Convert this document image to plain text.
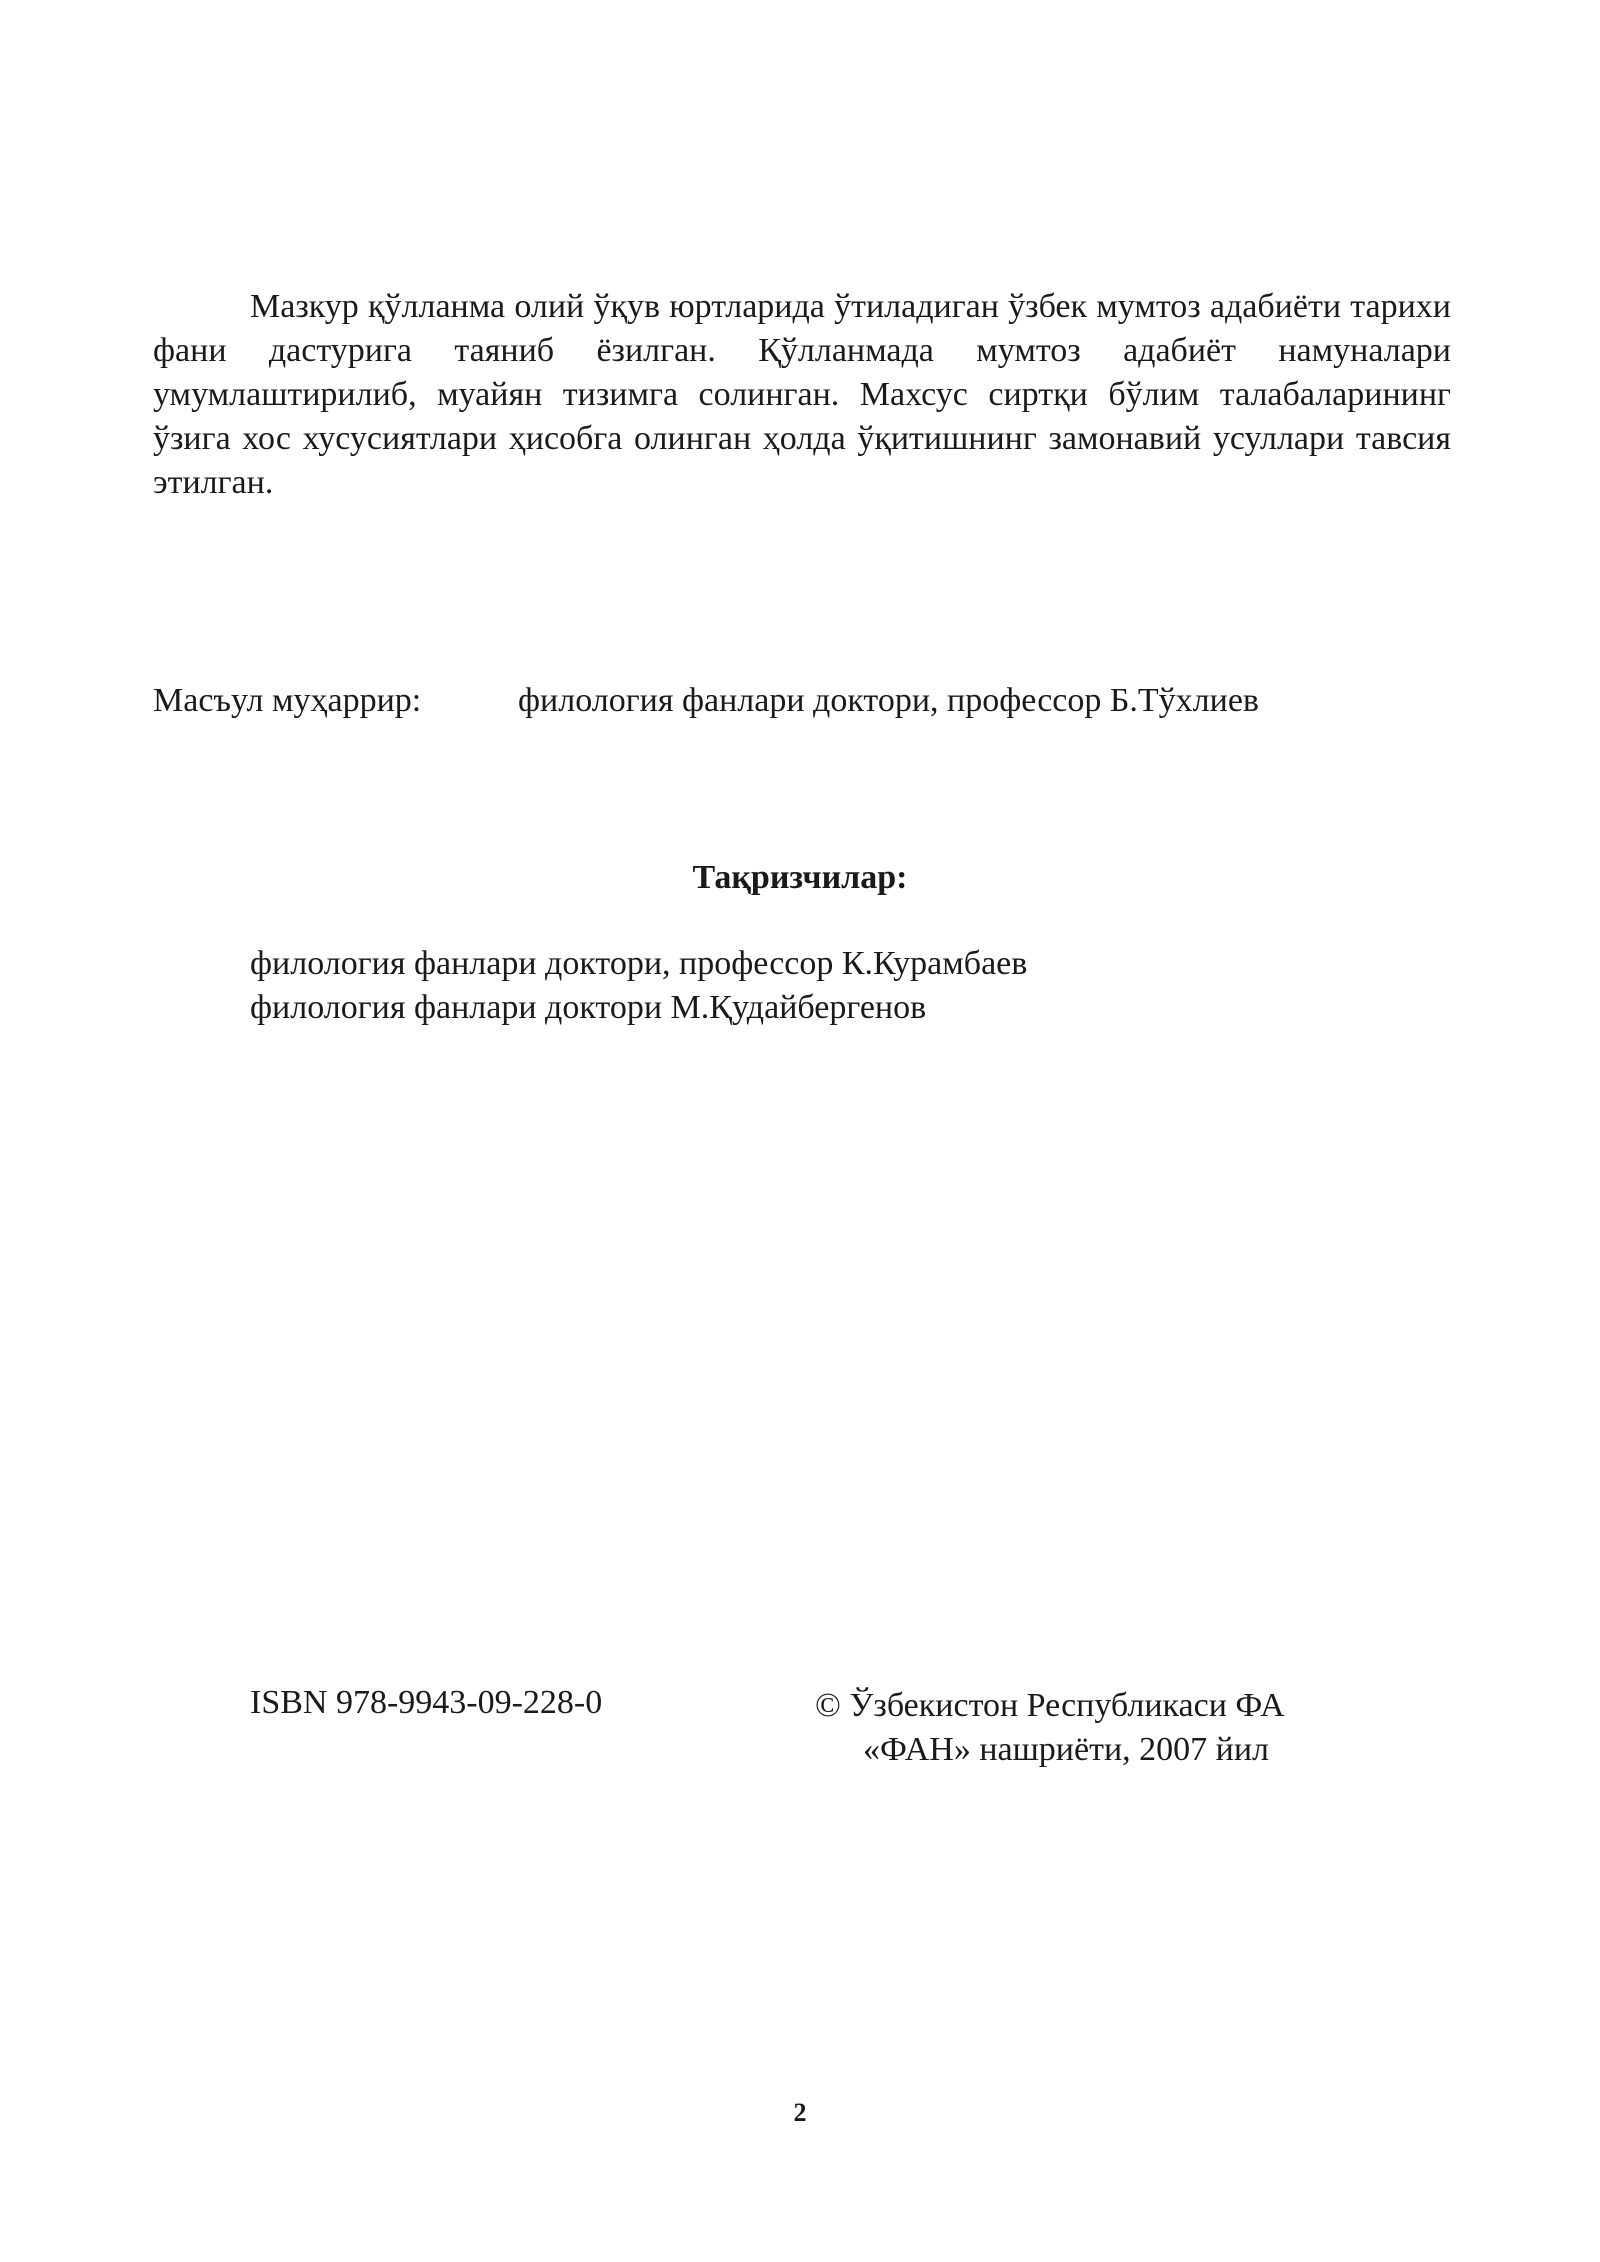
Мазкур қўлланма олий ўқув юртларида ўтиладиган ўзбек мумтоз адабиёти тарихи фани дастурига таяниб ёзилган. Қўлланмада мумтоз адабиёт намуналари умумлаштирилиб, муайян тизимга солинган. Махсус сиртқи бўлим талабаларининг ўзига хос хусусиятлари ҳисобга олинган ҳолда ўқитишнинг замонавий усуллари тавсия этилган.

Масъул муҳаррир:	филология фанлари доктори, профессор Б.Тўхлиев
Тақризчилар:
филология фанлари доктори, профессор К.Курамбаев
филология фанлари доктори М.Қудайбергенов
ISBN 978-9943-09-228-0	© Ўзбекистон Республикаси ФА
«ФАН» нашриёти, 2007 йил
2
